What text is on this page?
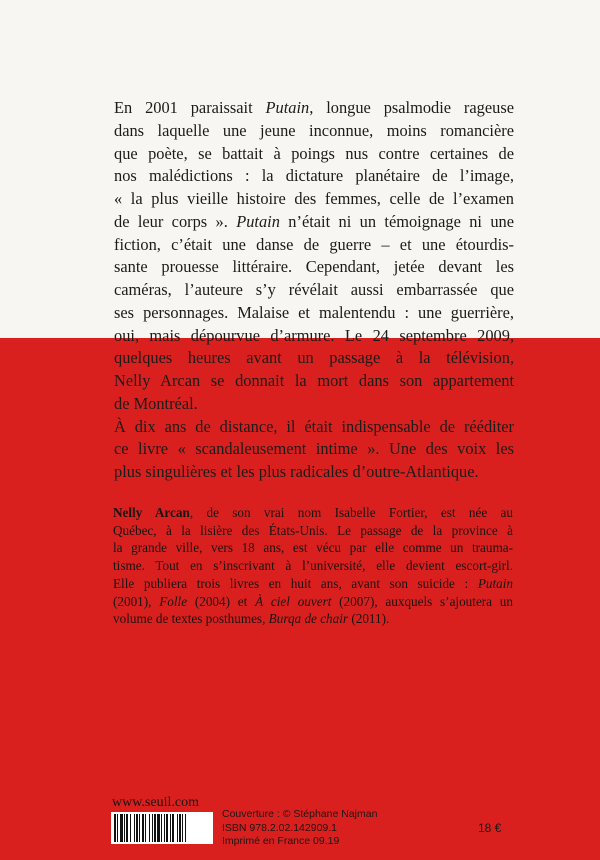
En 2001 paraissait Putain, longue psalmodie rageuse
dans laquelle une jeune inconnue, moins romancière
que poète, se battait à poings nus contre certaines de
nos malédictions : la dictature planétaire de l’image,
« la plus vieille histoire des femmes, celle de l’examen
de leur corps ». Putain n’était ni un témoignage ni une
fiction, c’était une danse de guerre – et une étourdis-
sante prouesse littéraire. Cependant, jetée devant les
caméras, l’auteure s’y révélait aussi embarrassée que
ses personnages. Malaise et malentendu : une guerrière,
oui, mais dépourvue d’armure. Le 24 septembre 2009,
quelques heures avant un passage à la télévision,
Nelly Arcan se donnait la mort dans son appartement
de Montréal.
À dix ans de distance, il était indispensable de rééditer
ce livre « scandaleusement intime ». Une des voix les
plus singulières et les plus radicales d’outre-Atlantique.

Nelly Arcan, de son vrai nom Isabelle Fortier, est née au
Québec, à la lisière des États-Unis. Le passage de la province à
la grande ville, vers 18 ans, est vécu par elle comme un trauma-
tisme. Tout en s’inscrivant à l’université, elle devient escort-girl.
Elle publiera trois livres en huit ans, avant son suicide : Putain
(2001), Folle (2004) et À ciel ouvert (2007), auxquels s’ajoutera un
volume de textes posthumes, Burqa de chair (2011).
www.seuil.com
Couverture : © Stéphane Najman
ISBN 978.2.02.142909.1
Imprimé en France 09.19
18 €
